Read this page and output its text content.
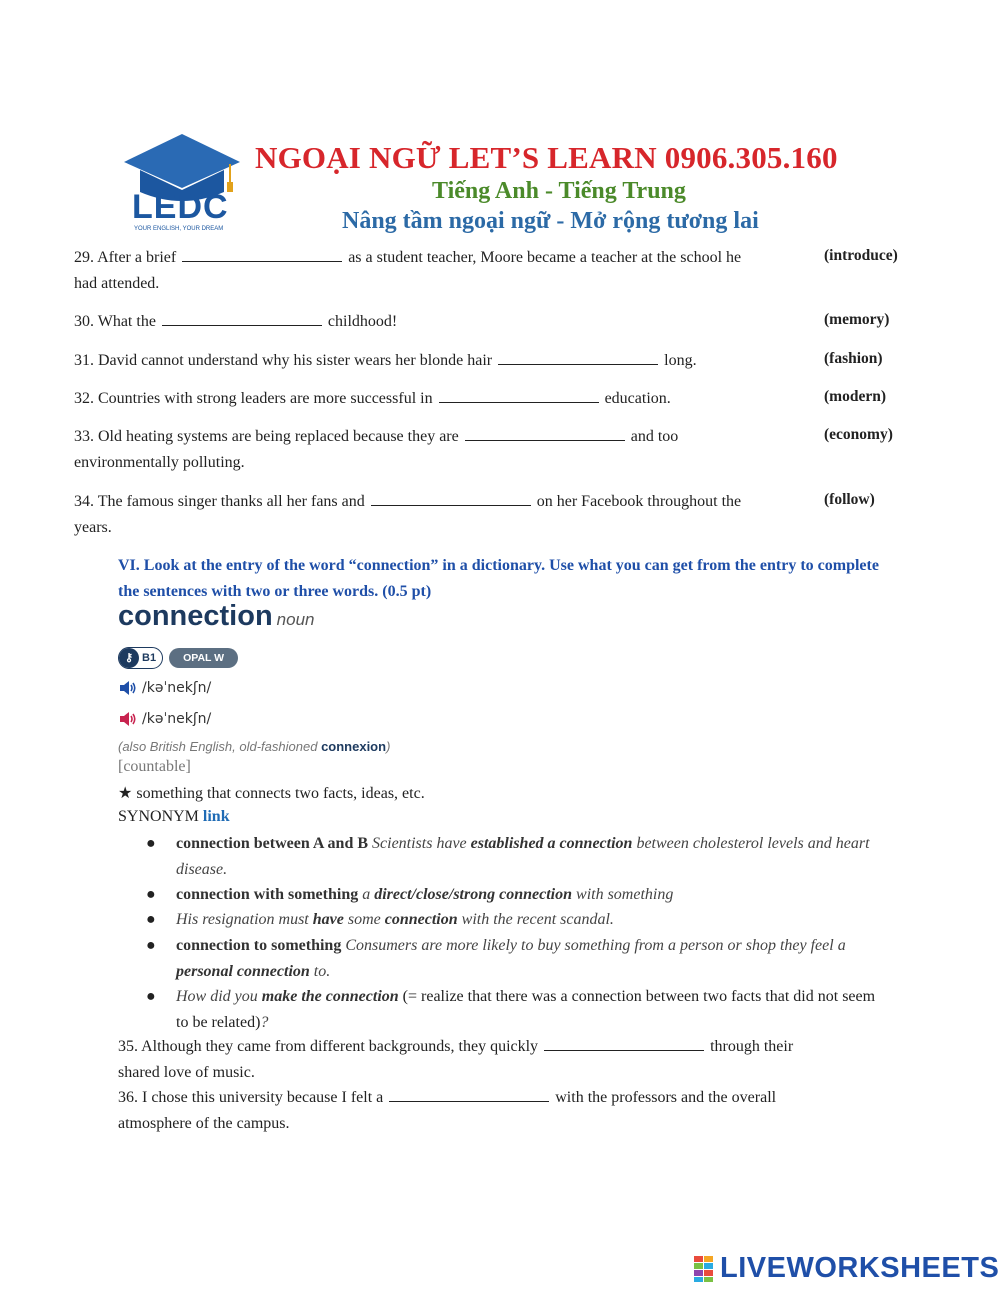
LEDC
YOUR ENGLISH, YOUR DREAM
NGOẠI NGỮ LET’S LEARN 0906.305.160
Tiếng Anh - Tiếng Trung
Nâng tầm ngoại ngữ - Mở rộng tương lai
29. After a brief	as a student teacher, Moore became a teacher at the school he
had attended.
(introduce)
30. What the	childhood!	(memory)
31. David cannot understand why his sister wears her blonde hair	long.	(fashion)
32. Countries with strong leaders are more successful in	education.	(modern)
33. Old heating systems are being replaced because they are	and too
environmentally polluting.
(economy)
34. The famous singer thanks all her fans and	on her Facebook throughout the
years.
(follow)
VI. Look at the entry of the word “connection” in a dictionary. Use what you can get from the entry to complete the sentences with two or three words. (0.5 pt)
connection noun
⚷ B1	OPAL W
/kəˈnekʃn/
/kəˈnekʃn/
(also British English, old-fashioned connexion)
[countable]
★ something that connects two facts, ideas, etc.
SYNONYM link
● connection between A and B Scientists have established a connection between cholesterol levels and heart disease.
● connection with something a direct/close/strong connection with something
● His resignation must have some connection with the recent scandal.
● connection to something Consumers are more likely to buy something from a person or shop they feel a personal connection to.
● How did you make the connection (= realize that there was a connection between two facts that did not seem to be related)?
35. Although they came from different backgrounds, they quickly	through their
shared love of music.
36. I chose this university because I felt a	with the professors and the overall
atmosphere of the campus.
LIVEWORKSHEETS
